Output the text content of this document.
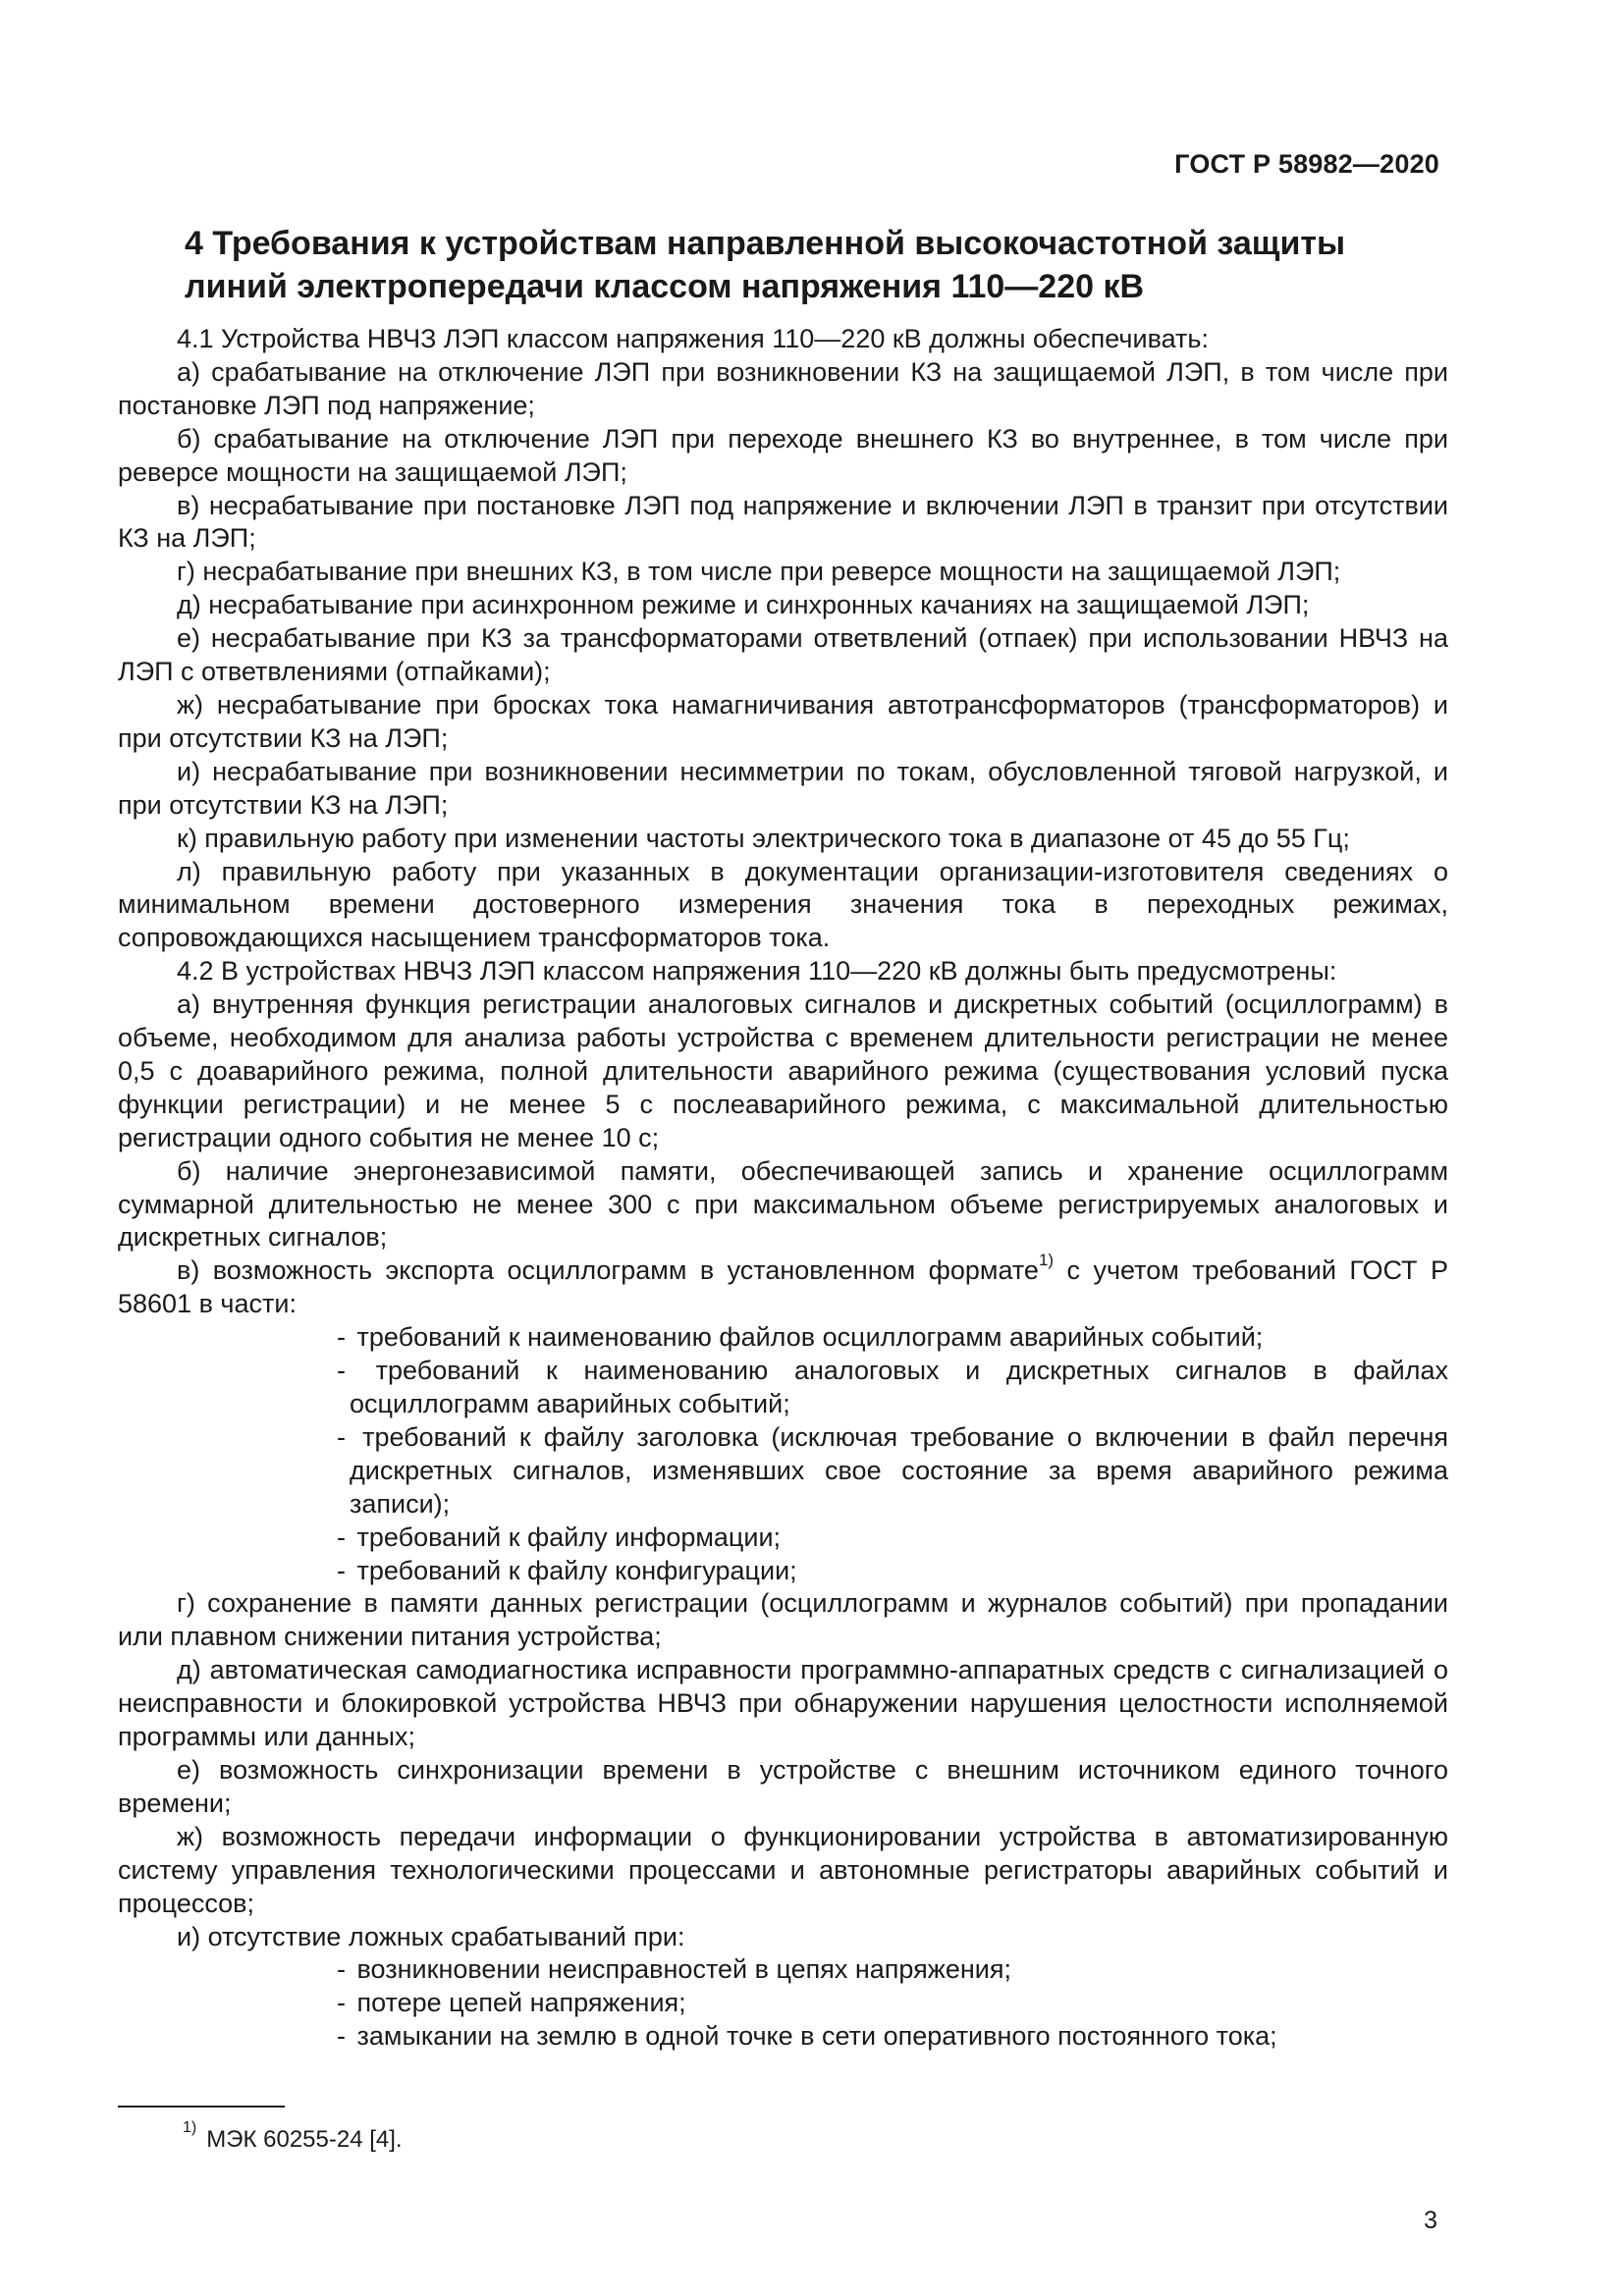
ГОСТ Р 58982—2020
4 Требования к устройствам направленной высокочастотной защиты
линий электропередачи классом напряжения 110—220 кВ

4.1 Устройства НВЧЗ ЛЭП классом напряжения 110—220 кВ должны обеспечивать:

а) срабатывание на отключение ЛЭП при возникновении КЗ на защищаемой ЛЭП, в том числе при постановке ЛЭП под напряжение;

б) срабатывание на отключение ЛЭП при переходе внешнего КЗ во внутреннее, в том числе при реверсе мощности на защищаемой ЛЭП;

в) несрабатывание при постановке ЛЭП под напряжение и включении ЛЭП в транзит при отсутствии КЗ на ЛЭП;

г) несрабатывание при внешних КЗ, в том числе при реверсе мощности на защищаемой ЛЭП;

д) несрабатывание при асинхронном режиме и синхронных качаниях на защищаемой ЛЭП;

е) несрабатывание при КЗ за трансформаторами ответвлений (отпаек) при использовании НВЧЗ на ЛЭП с ответвлениями (отпайками);

ж) несрабатывание при бросках тока намагничивания автотрансформаторов (трансформаторов) и при отсутствии КЗ на ЛЭП;

и) несрабатывание при возникновении несимметрии по токам, обусловленной тяговой нагрузкой, и при отсутствии КЗ на ЛЭП;

к) правильную работу при изменении частоты электрического тока в диапазоне от 45 до 55 Гц;

л) правильную работу при указанных в документации организации-изготовителя сведениях о минимальном времени достоверного измерения значения тока в переходных режимах, сопровождающихся насыщением трансформаторов тока.

4.2 В устройствах НВЧЗ ЛЭП классом напряжения 110—220 кВ должны быть предусмотрены:

а) внутренняя функция регистрации аналоговых сигналов и дискретных событий (осциллограмм) в объеме, необходимом для анализа работы устройства с временем длительности регистрации не менее 0,5 с доаварийного режима, полной длительности аварийного режима (существования условий пуска функции регистрации) и не менее 5 с послеаварийного режима, с максимальной длительностью регистрации одного события не менее 10 с;

б) наличие энергонезависимой памяти, обеспечивающей запись и хранение осциллограмм суммарной длительностью не менее 300 с при максимальном объеме регистрируемых аналоговых и дискретных сигналов;

в) возможность экспорта осциллограмм в установленном формате$^{1)}$ с учетом требований ГОСТ Р 58601 в части:

- требований к наименованию файлов осциллограмм аварийных событий;

- требований к наименованию аналоговых и дискретных сигналов в файлах осциллограмм аварийных событий;

- требований к файлу заголовка (исключая требование о включении в файл перечня дискретных сигналов, изменявших свое состояние за время аварийного режима записи);

- требований к файлу информации;

- требований к файлу конфигурации;

г) сохранение в памяти данных регистрации (осциллограмм и журналов событий) при пропадании или плавном снижении питания устройства;

д) автоматическая самодиагностика исправности программно-аппаратных средств с сигнализацией о неисправности и блокировкой устройства НВЧЗ при обнаружении нарушения целостности исполняемой программы или данных;

е) возможность синхронизации времени в устройстве с внешним источником единого точного времени;

ж) возможность передачи информации о функционировании устройства в автоматизированную систему управления технологическими процессами и автономные регистраторы аварийных событий и процессов;

и) отсутствие ложных срабатываний при:

- возникновении неисправностей в цепях напряжения;

- потере цепей напряжения;

- замыкании на землю в одной точке в сети оперативного постоянного тока;

$^{1)}$ МЭК 60255-24 [4].
3
